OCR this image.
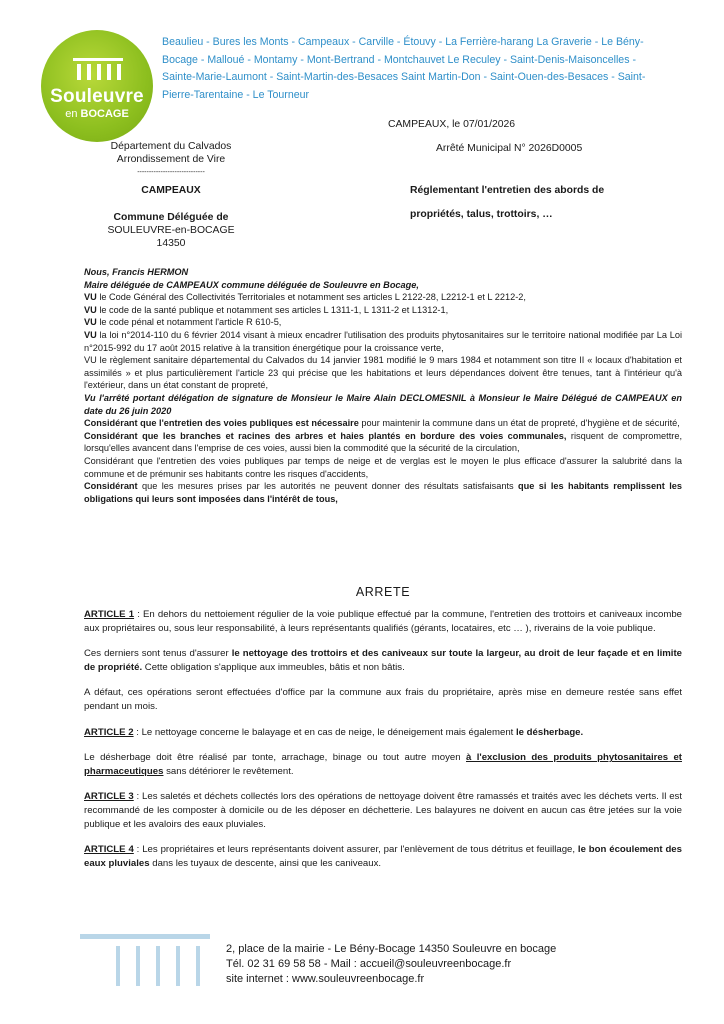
Souleuvre
en BOCAGE
Beaulieu - Bures les Monts - Campeaux - Carville - Étouvy - La Ferrière-harang La Graverie - Le Bény-Bocage - Malloué - Montamy - Mont-Bertrand - Montchauvet Le Reculey - Saint-Denis-Maisoncelles - Sainte-Marie-Laumont - Saint-Martin-des-Besaces Saint Martin-Don - Saint-Ouen-des-Besaces - Saint-Pierre-Tarentaine - Le Tourneur
CAMPEAUX, le 07/01/2026
Département du Calvados
Arrondissement de Vire
-----------------------------
CAMPEAUX
Commune Déléguée de
SOULEUVRE-en-BOCAGE
14350
Arrêté Municipal N° 2026D0005
Réglementant l'entretien des abords de
propriétés, talus, trottoirs, …

Nous, Francis HERMON

Maire déléguée de CAMPEAUX commune déléguée de Souleuvre en Bocage,

VU le Code Général des Collectivités Territoriales et notamment ses articles L 2122-28, L2212-1 et L 2212-2,

VU le code de la santé publique et notamment ses articles L 1311-1, L 1311-2 et L1312-1,

VU le code pénal et notamment l'article R 610-5,

VU la loi n°2014-110 du 6 février 2014 visant à mieux encadrer l'utilisation des produits phytosanitaires sur le territoire national modifiée par La Loi n°2015-992 du 17 août 2015 relative à la transition énergétique pour la croissance verte,

VU le règlement sanitaire départemental du Calvados du 14 janvier 1981 modifié le 9 mars 1984 et notamment son titre II « locaux d'habitation et assimilés » et plus particulièrement l'article 23 qui précise que les habitations et leurs dépendances doivent être tenues, tant à l'intérieur qu'à l'extérieur, dans un état constant de propreté,

Vu l'arrêté portant délégation de signature de Monsieur le Maire Alain DECLOMESNIL à Monsieur le Maire Délégué de CAMPEAUX en date du 26 juin 2020

Considérant que l'entretien des voies publiques est nécessaire pour maintenir la commune dans un état de propreté, d'hygiène et de sécurité,

Considérant que les branches et racines des arbres et haies plantés en bordure des voies communales, risquent de compromettre, lorsqu'elles avancent dans l'emprise de ces voies, aussi bien la commodité que la sécurité de la circulation,

Considérant que l'entretien des voies publiques par temps de neige et de verglas est le moyen le plus efficace d'assurer la salubrité dans la commune et de prémunir ses habitants contre les risques d'accidents,

Considérant que les mesures prises par les autorités ne peuvent donner des résultats satisfaisants que si les habitants remplissent les obligations qui leurs sont imposées dans l'intérêt de tous,

ARRETE

ARTICLE 1 : En dehors du nettoiement régulier de la voie publique effectué par la commune, l'entretien des trottoirs et caniveaux incombe aux propriétaires ou, sous leur responsabilité, à leurs représentants qualifiés (gérants, locataires, etc … ), riverains de la voie publique.

Ces derniers sont tenus d'assurer le nettoyage des trottoirs et des caniveaux sur toute la largeur, au droit de leur façade et en limite de propriété. Cette obligation s'applique aux immeubles, bâtis et non bâtis.

A défaut, ces opérations seront effectuées d'office par la commune aux frais du propriétaire, après mise en demeure restée sans effet pendant un mois.

ARTICLE 2 : Le nettoyage concerne le balayage et en cas de neige, le déneigement mais également le désherbage.

Le désherbage doit être réalisé par tonte, arrachage, binage ou tout autre moyen à l'exclusion des produits phytosanitaires et pharmaceutiques sans détériorer le revêtement.

ARTICLE 3 : Les saletés et déchets collectés lors des opérations de nettoyage doivent être ramassés et traités avec les déchets verts. Il est recommandé de les composter à domicile ou de les déposer en déchetterie. Les balayures ne doivent en aucun cas être jetées sur la voie publique et les avaloirs des eaux pluviales.

ARTICLE 4 : Les propriétaires et leurs représentants doivent assurer, par l'enlèvement de tous détritus et feuillage, le bon écoulement des eaux pluviales dans les tuyaux de descente, ainsi que les caniveaux.

2, place de la mairie - Le Bény-Bocage 14350 Souleuvre en bocage
Tél. 02 31 69 58 58 - Mail : accueil@souleuvreenbocage.fr
site internet : www.souleuvreenbocage.fr
